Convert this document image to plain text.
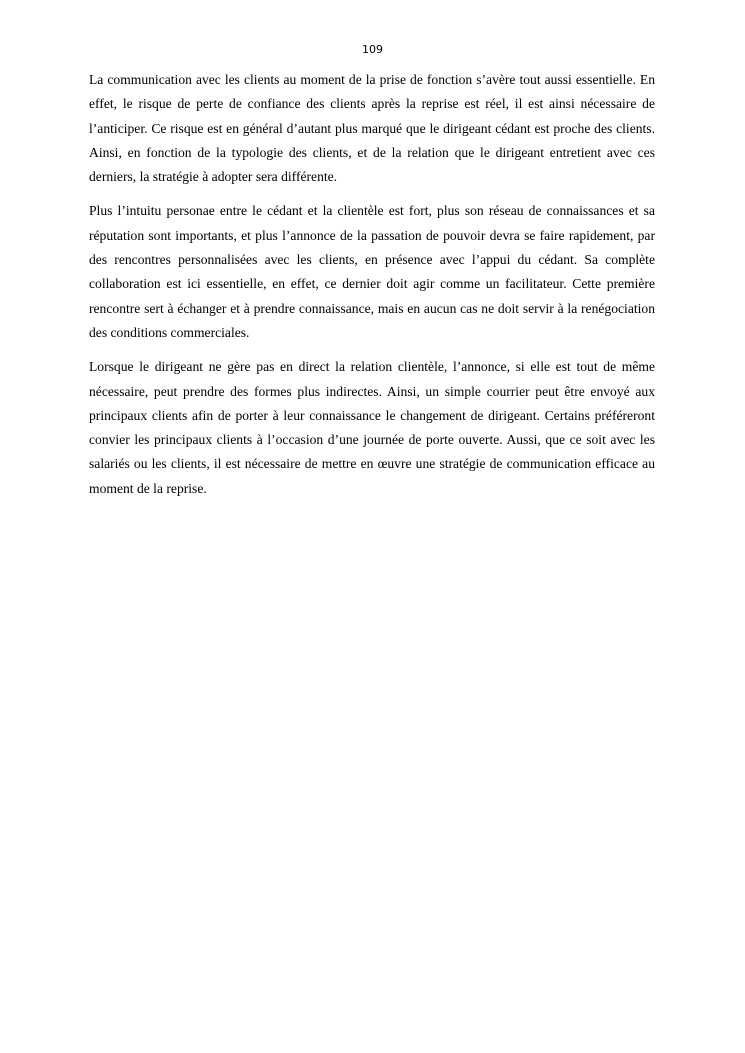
109

La communication avec les clients au moment de la prise de fonction s’avère tout aussi essentielle. En effet, le risque de perte de confiance des clients après la reprise est réel, il est ainsi nécessaire de l’anticiper. Ce risque est en général d’autant plus marqué que le dirigeant cédant est proche des clients. Ainsi, en fonction de la typologie des clients, et de la relation que le dirigeant entretient avec ces derniers, la stratégie à adopter sera différente.

Plus l’intuitu personae entre le cédant et la clientèle est fort, plus son réseau de connaissances et sa réputation sont importants, et plus l’annonce de la passation de pouvoir devra se faire rapidement, par des rencontres personnalisées avec les clients, en présence avec l’appui du cédant. Sa complète collaboration est ici essentielle, en effet, ce dernier doit agir comme un facilitateur. Cette première rencontre sert à échanger et à prendre connaissance, mais en aucun cas ne doit servir à la renégociation des conditions commerciales.

Lorsque le dirigeant ne gère pas en direct la relation clientèle, l’annonce, si elle est tout de même nécessaire, peut prendre des formes plus indirectes. Ainsi, un simple courrier peut être envoyé aux principaux clients afin de porter à leur connaissance le changement de dirigeant. Certains préféreront convier les principaux clients à l’occasion d’une journée de porte ouverte. Aussi, que ce soit avec les salariés ou les clients, il est nécessaire de mettre en œuvre une stratégie de communication efficace au moment de la reprise.
